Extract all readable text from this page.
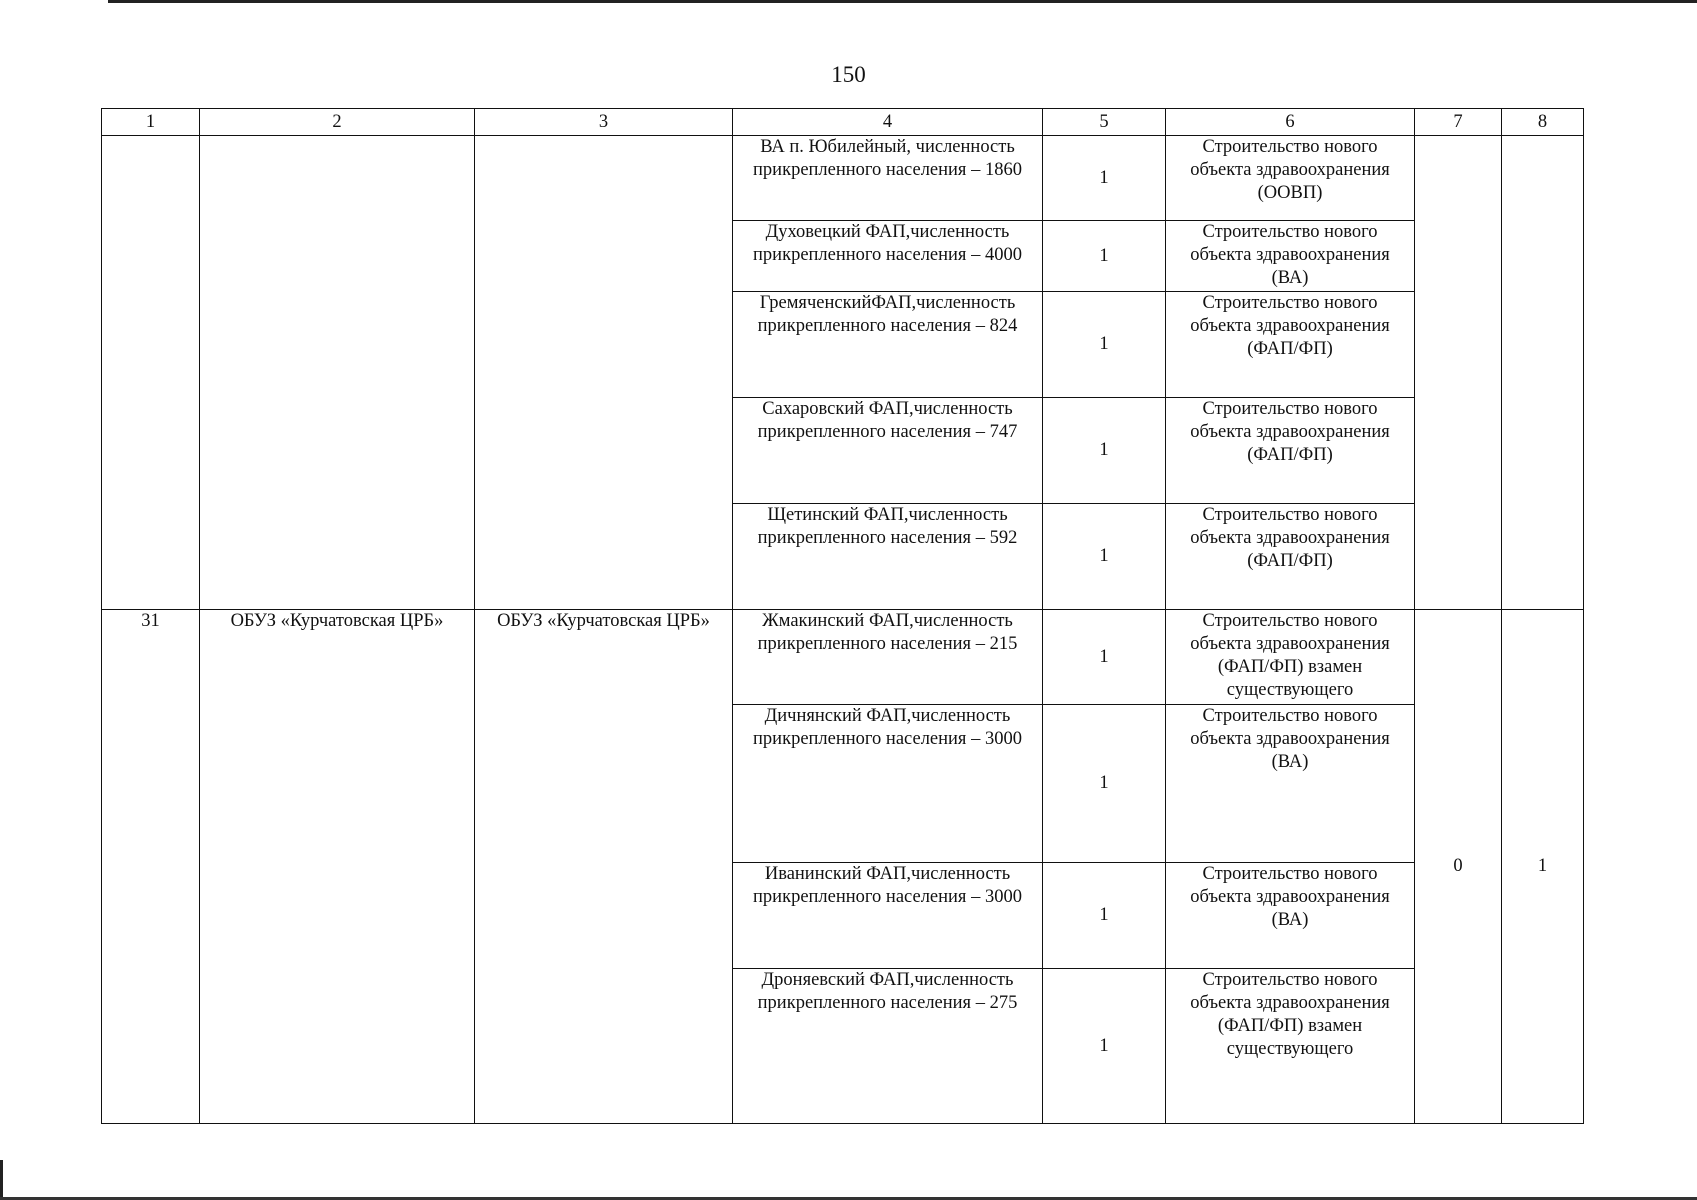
150
1	2	3	4	5	6	7	8
			ВА п. Юбилейный, численность прикрепленного населения – 1860	1	Строительство нового объекта здравоохранения (ООВП)		
			Духовецкий ФАП,численность прикрепленного населения – 4000	1	Строительство нового объекта здравоохранения (ВА)		
			ГремяченскийФАП,численность прикрепленного населения – 824	1	Строительство нового объекта здравоохранения (ФАП/ФП)		
			Сахаровский ФАП,численность прикрепленного населения – 747	1	Строительство нового объекта здравоохранения (ФАП/ФП)		
			Щетинский ФАП,численность прикрепленного населения – 592	1	Строительство нового объекта здравоохранения (ФАП/ФП)		
31	ОБУЗ «Курчатовская ЦРБ»	ОБУЗ «Курчатовская ЦРБ»	Жмакинский ФАП,численность прикрепленного населения – 215	1	Строительство нового объекта здравоохранения (ФАП/ФП) взамен существующего	0	1
			Дичнянский ФАП,численность прикрепленного населения – 3000	1	Строительство нового объекта здравоохранения (ВА)		
			Иванинский ФАП,численность прикрепленного населения – 3000	1	Строительство нового объекта здравоохранения (ВА)		
			Дроняевский ФАП,численность прикрепленного населения – 275	1	Строительство нового объекта здравоохранения (ФАП/ФП) взамен существующего		
